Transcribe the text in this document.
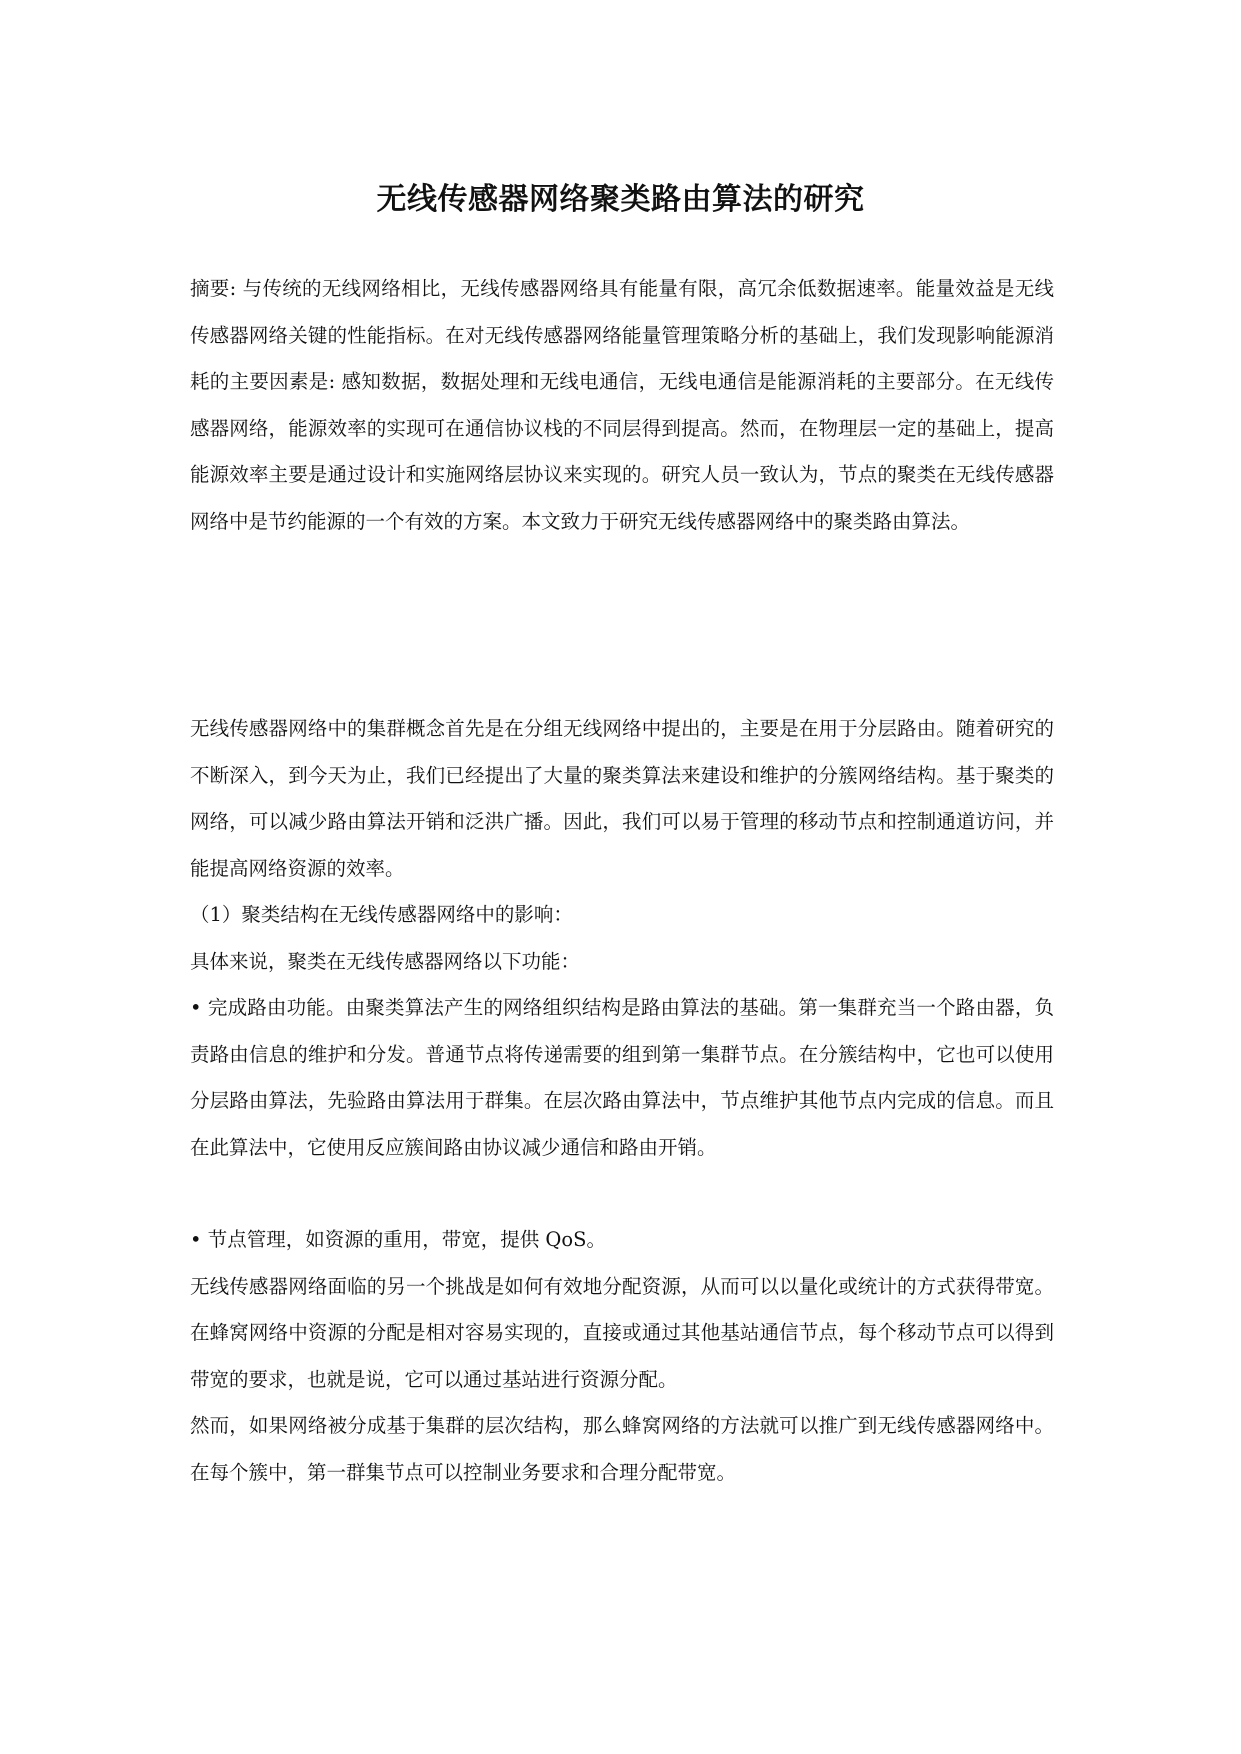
无线传感器网络聚类路由算法的研究

摘要: 与传统的无线网络相比，无线传感器网络具有能量有限，高冗余低数据速率。能量效益是无线传感器网络关键的性能指标。在对无线传感器网络能量管理策略分析的基础上，我们发现影响能源消耗的主要因素是: 感知数据，数据处理和无线电通信，无线电通信是能源消耗的主要部分。在无线传感器网络，能源效率的实现可在通信协议栈的不同层得到提高。然而，在物理层一定的基础上，提高能源效率主要是通过设计和实施网络层协议来实现的。研究人员一致认为，节点的聚类在无线传感器网络中是节约能源的一个有效的方案。本文致力于研究无线传感器网络中的聚类路由算法。

无线传感器网络中的集群概念首先是在分组无线网络中提出的，主要是在用于分层路由。随着研究的不断深入，到今天为止，我们已经提出了大量的聚类算法来建设和维护的分簇网络结构。基于聚类的网络，可以减少路由算法开销和泛洪广播。因此，我们可以易于管理的移动节点和控制通道访问，并能提高网络资源的效率。

（1）聚类结构在无线传感器网络中的影响：

具体来说，聚类在无线传感器网络以下功能：

• 完成路由功能。由聚类算法产生的网络组织结构是路由算法的基础。第一集群充当一个路由器，负责路由信息的维护和分发。普通节点将传递需要的组到第一集群节点。在分簇结构中，它也可以使用分层路由算法，先验路由算法用于群集。在层次路由算法中，节点维护其他节点内完成的信息。而且在此算法中，它使用反应簇间路由协议减少通信和路由开销。

• 节点管理，如资源的重用，带宽，提供 QoS。

无线传感器网络面临的另一个挑战是如何有效地分配资源，从而可以以量化或统计的方式获得带宽。在蜂窝网络中资源的分配是相对容易实现的，直接或通过其他基站通信节点，每个移动节点可以得到带宽的要求，也就是说，它可以通过基站进行资源分配。

然而，如果网络被分成基于集群的层次结构，那么蜂窝网络的方法就可以推广到无线传感器网络中。在每个簇中，第一群集节点可以控制业务要求和合理分配带宽。
